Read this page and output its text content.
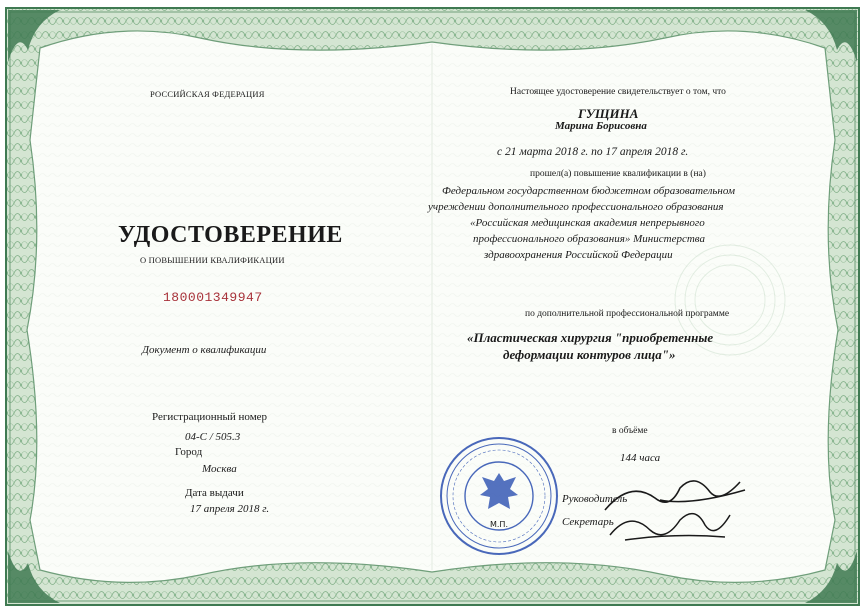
РОССИЙСКАЯ ФЕДЕРАЦИЯ
УДОСТОВЕРЕНИЕ
О ПОВЫШЕНИИ КВАЛИФИКАЦИИ
180001349947
Документ о квалификации
Регистрационный номер
04-С / 505.3
Город
Москва
Дата выдачи
17 апреля 2018 г.
Настоящее удостоверение свидетельствует о том, что
ГУЩИНА
Марина Борисовна
с 21 марта 2018 г. по 17 апреля 2018 г.
прошел(а) повышение квалификации в (на)
Федеральном государственном бюджетном образовательном
учреждении дополнительного профессионального образования
«Российская медицинская академия непрерывного
профессионального образования» Министерства
здравоохранения Российской Федерации
по дополнительной профессиональной программе
«Пластическая хирургия "приобретенные
деформации контуров лица"»
в объёме
144 часа
Руководитель
Секретарь
М.П.
